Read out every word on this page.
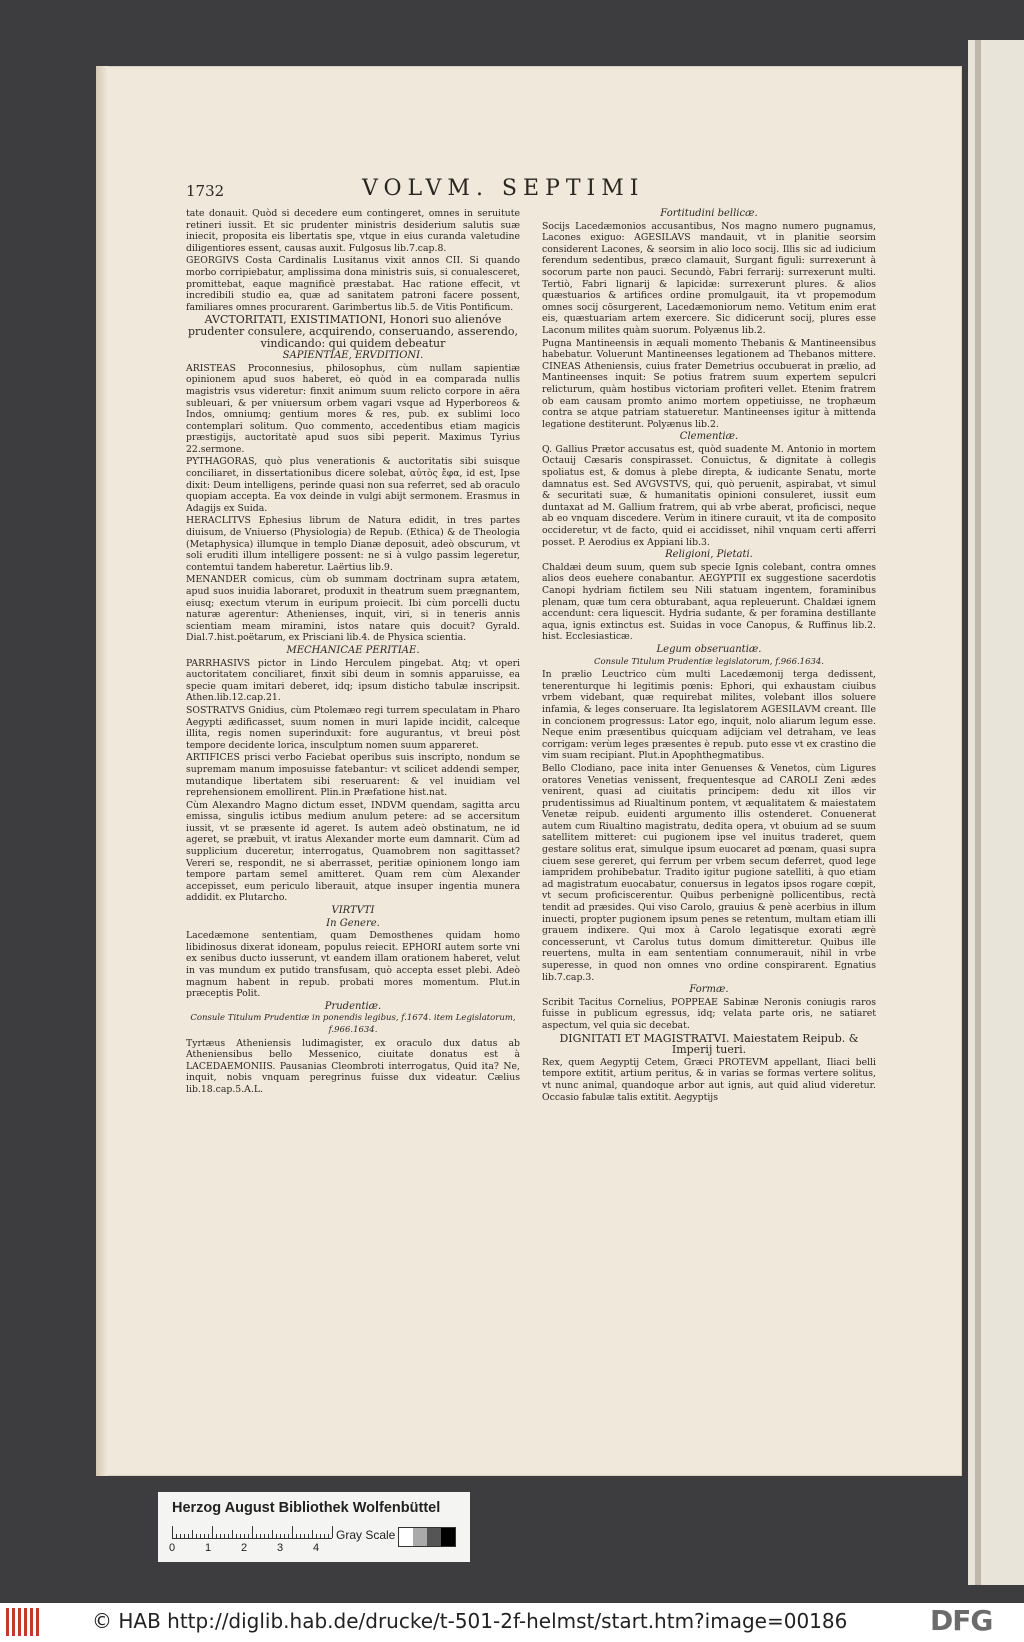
1732	VOLVM. SEPTIMI

tate donauit. Quòd si decedere eum contingeret, omnes in seruitute retineri iussit. Et sic prudenter ministris desiderium salutis suæ iniecit, proposita eis libertatis spe, vtque in eius curanda valetudine diligentiores essent, causas auxit. Fulgosus lib.7.cap.8.

GEORGIVS Costa Cardinalis Lusitanus vixit annos CII. Si quando morbo corripiebatur, amplissima dona ministris suis, si conualesceret, promittebat, eaque magnificè præstabat. Hac ratione effecit, vt incredibili studio ea, quæ ad sanitatem patroni facere possent, familiares omnes procurarent. Garimbertus lib.5. de Vitis Pontificum.

AVCTORITATI, EXISTIMATIONI, Honori suo alienóve prudenter consulere, acquirendo, conseruando, asserendo, vindicando: qui quidem debeatur

SAPIENTIAE, ERVDITIONI.

ARISTEAS Proconnesius, philosophus, cùm nullam sapientiæ opinionem apud suos haberet, eò quòd in ea comparada nullis magistris vsus videretur: finxit animum suum relicto corpore in aëra subleuari, & per vniuersum orbem vagari vsque ad Hyperboreos & Indos, omniumq; gentium mores & res, pub. ex sublimi loco contemplari solitum. Quo commento, accedentibus etiam magicis præstigijs, auctoritatè apud suos sibi peperit. Maximus Tyrius 22.sermone.

PYTHAGORAS, quò plus venerationis & auctoritatis sibi suisque conciliaret, in dissertationibus dicere solebat, αὐτὸς ἔφα, id est, Ipse dixit: Deum intelligens, perinde quasi non sua referret, sed ab oraculo quopiam accepta. Ea vox deinde in vulgi abijt sermonem. Erasmus in Adagijs ex Suida.

HERACLITVS Ephesius librum de Natura edidit, in tres partes diuisum, de Vniuerso (Physiologia) de Repub. (Ethica) & de Theologia (Metaphysica) illumque in templo Dianæ deposuit, adeò obscurum, vt soli eruditi illum intelligere possent: ne si à vulgo passim legeretur, contemtui tandem haberetur. Laërtius lib.9.

MENANDER comicus, cùm ob summam doctrinam supra ætatem, apud suos inuidia laboraret, produxit in theatrum suem prægnantem, eiusq; exectum vterum in euripum proiecit. Ibi cùm porcelli ductu naturæ agerentur: Athenienses, inquit, viri, si in teneris annis scientiam meam miramini, istos natare quis docuit? Gyrald. Dial.7.hist.poëtarum, ex Prisciani lib.4. de Physica scientia.

MECHANICAE PERITIAE.

PARRHASIVS pictor in Lindo Herculem pingebat. Atq; vt operi auctoritatem conciliaret, finxit sibi deum in somnis apparuisse, ea specie quam imitari deberet, idq; ipsum disticho tabulæ inscripsit. Athen.lib.12.cap.21.

SOSTRATVS Gnidius, cùm Ptolemæo regi turrem speculatam in Pharo Aegypti ædificasset, suum nomen in muri lapide incidit, calceque illita, regis nomen superinduxit: fore augurantus, vt breui pòst tempore decidente lorica, insculptum nomen suum appareret.

ARTIFICES prisci verbo Faciebat operibus suis inscripto, nondum se supremam manum imposuisse fatebantur: vt scilicet addendi semper, mutandique libertatem sibi reseruarent: & vel inuidiam vel reprehensionem emollirent. Plin.in Præfatione hist.nat.

Cùm Alexandro Magno dictum esset, INDVM quendam, sagitta arcu emissa, singulis ictibus medium anulum petere: ad se accersitum iussit, vt se præsente id ageret. Is autem adeò obstinatum, ne id ageret, se præbuit, vt iratus Alexander morte eum damnarit. Cùm ad supplicium duceretur, interrogatus, Quamobrem non sagittasset? Vereri se, respondit, ne si aberrasset, peritiæ opinionem longo iam tempore partam semel amitteret. Quam rem cùm Alexander accepisset, eum periculo liberauit, atque insuper ingentia munera addidit. ex Plutarcho.

VIRTVTI

In Genere.

Lacedæmone sententiam, quam Demosthenes quidam homo libidinosus dixerat idoneam, populus reiecit. EPHORI autem sorte vni ex senibus ducto iusserunt, vt eandem illam orationem haberet, velut in vas mundum ex putido transfusam, quò accepta esset plebi. Adeò magnum habent in repub. probati mores momentum. Plut.in præceptis Polit.

Prudentiæ.

Consule Titulum Prudentiæ in ponendis legibus, f.1674. item Legislatorum, f.966.1634.

Tyrtæus Atheniensis ludimagister, ex oraculo dux datus ab Atheniensibus bello Messenico, ciuitate donatus est à LACEDAEMONIIS. Pausanias Cleombroti interrogatus, Quid ita? Ne, inquit, nobis vnquam peregrinus fuisse dux videatur. Cælius lib.18.cap.5.A.L.

Fortitudini bellicæ.

Socijs Lacedæmonios accusantibus, Nos magno numero pugnamus, Lacones exiguo: AGESILAVS mandauit, vt in planitie seorsim considerent Lacones, & seorsim in alio loco socij. Illis sic ad iudicium ferendum sedentibus, præco clamauit, Surgant figuli: surrexerunt à socorum parte non pauci. Secundò, Fabri ferrarij: surrexerunt multi. Tertiò, Fabri lignarij & lapicidæ: surrexerunt plures. & alios quæstuarios & artifices ordine promulgauit, ita vt propemodum omnes socij cōsurgerent, Lacedæmoniorum nemo. Vetitum enim erat eis, quæstuariam artem exercere. Sic didicerunt socij, plures esse Laconum milites quàm suorum. Polyænus lib.2.

Pugna Mantineensis in æquali momento Thebanis & Mantineensibus habebatur. Voluerunt Mantineenses legationem ad Thebanos mittere. CINEAS Atheniensis, cuius frater Demetrius occubuerat in prælio, ad Mantineenses inquit: Se potius fratrem suum expertem sepulcri relicturum, quàm hostibus victoriam profiteri vellet. Etenim fratrem ob eam causam promto animo mortem oppetiuisse, ne trophæum contra se atque patriam statueretur. Mantineenses igitur à mittenda legatione destiterunt. Polyænus lib.2.

Clementiæ.

Q. Gallius Prætor accusatus est, quòd suadente M. Antonio in mortem Octauij Cæsaris conspirasset. Conuictus, & dignitate à collegis spoliatus est, & domus à plebe direpta, & iudicante Senatu, morte damnatus est. Sed AVGVSTVS, qui, quò peruenit, aspirabat, vt simul & securitati suæ, & humanitatis opinioni consuleret, iussit eum duntaxat ad M. Gallium fratrem, qui ab vrbe aberat, proficisci, neque ab eo vnquam discedere. Verùm in itinere curauit, vt ita de composito occideretur, vt de facto, quid ei accidisset, nihil vnquam certi afferri posset. P. Aerodius ex Appiani lib.3.

Religioni, Pietati.

Chaldæi deum suum, quem sub specie Ignis colebant, contra omnes alios deos euehere conabantur. AEGYPTII ex suggestione sacerdotis Canopi hydriam fictilem seu Nili statuam ingentem, foraminibus plenam, quæ tum cera obturabant, aqua repleuerunt. Chaldæi ignem accendunt: cera liquescit. Hydria sudante, & per foramina destillante aqua, ignis extinctus est. Suidas in voce Canopus, & Ruffinus lib.2. hist. Ecclesiasticæ.

Legum obseruantiæ.

Consule Titulum Prudentiæ legislatorum, f.966.1634.

In prælio Leuctrico cùm multi Lacedæmonij terga dedissent, tenerenturque hi legitimis pœnis: Ephori, qui exhaustam ciuibus vrbem videbant, quæ requirebat milites, volebant illos soluere infamia, & leges conseruare. Ita legislatorem AGESILAVM creant. Ille in concionem progressus: Lator ego, inquit, nolo aliarum legum esse. Neque enim præsentibus quicquam adijciam vel detraham, ve leas corrigam: verùm leges præsentes è repub. puto esse vt ex crastino die vim suam recipiant. Plut.in Apophthegmatibus.

Bello Clodiano, pace inita inter Genuenses & Venetos, cùm Ligures oratores Venetias venissent, frequentesque ad CAROLI Zeni ædes venirent, quasi ad ciuitatis principem: dedu xit illos vir prudentissimus ad Riualtinum pontem, vt æqualitatem & maiestatem Venetæ reipub. euidenti argumento illis ostenderet. Conuenerat autem cum Riualtino magistratu, dedita opera, vt obuium ad se suum satellitem mitteret: cui pugionem ipse vel inuitus traderet, quem gestare solitus erat, simulque ipsum euocaret ad pœnam, quasi supra ciuem sese gereret, qui ferrum per vrbem secum deferret, quod lege iampridem prohibebatur. Tradito igitur pugione satelliti, à quo etiam ad magistratum euocabatur, conuersus in legatos ipsos rogare cœpit, vt secum proficiscerentur. Quibus perbenignè pollicentibus, rectà tendit ad præsides. Qui viso Carolo, grauius & penè acerbius in illum inuecti, propter pugionem ipsum penes se retentum, multam etiam illi grauem indixere. Qui mox à Carolo legatisque exorati ægrè concesserunt, vt Carolus tutus domum dimitteretur. Quibus ille reuertens, multa in eam sententiam connumerauit, nihil in vrbe superesse, in quod non omnes vno ordine conspirarent. Egnatius lib.7.cap.3.

Formæ.

Scribit Tacitus Cornelius, POPPEAE Sabinæ Neronis coniugis raros fuisse in publicum egressus, idq; velata parte oris, ne satiaret aspectum, vel quia sic decebat.

DIGNITATI ET MAGISTRATVI. Maiestatem Reipub. & Imperij tueri.

Rex, quem Aegyptij Cetem, Græci PROTEVM appellant, Iliaci belli tempore extitit, artium peritus, & in varias se formas vertere solitus, vt nunc animal, quandoque arbor aut ignis, aut quid aliud videretur. Occasio fabulæ talis extitit. Aegyptijs

Herzog August Bibliothek Wolfenbüttel
0	1	2	3	4
Gray Scale
© HAB http://diglib.hab.de/drucke/t-501-2f-helmst/start.htm?image=00186	DFG
